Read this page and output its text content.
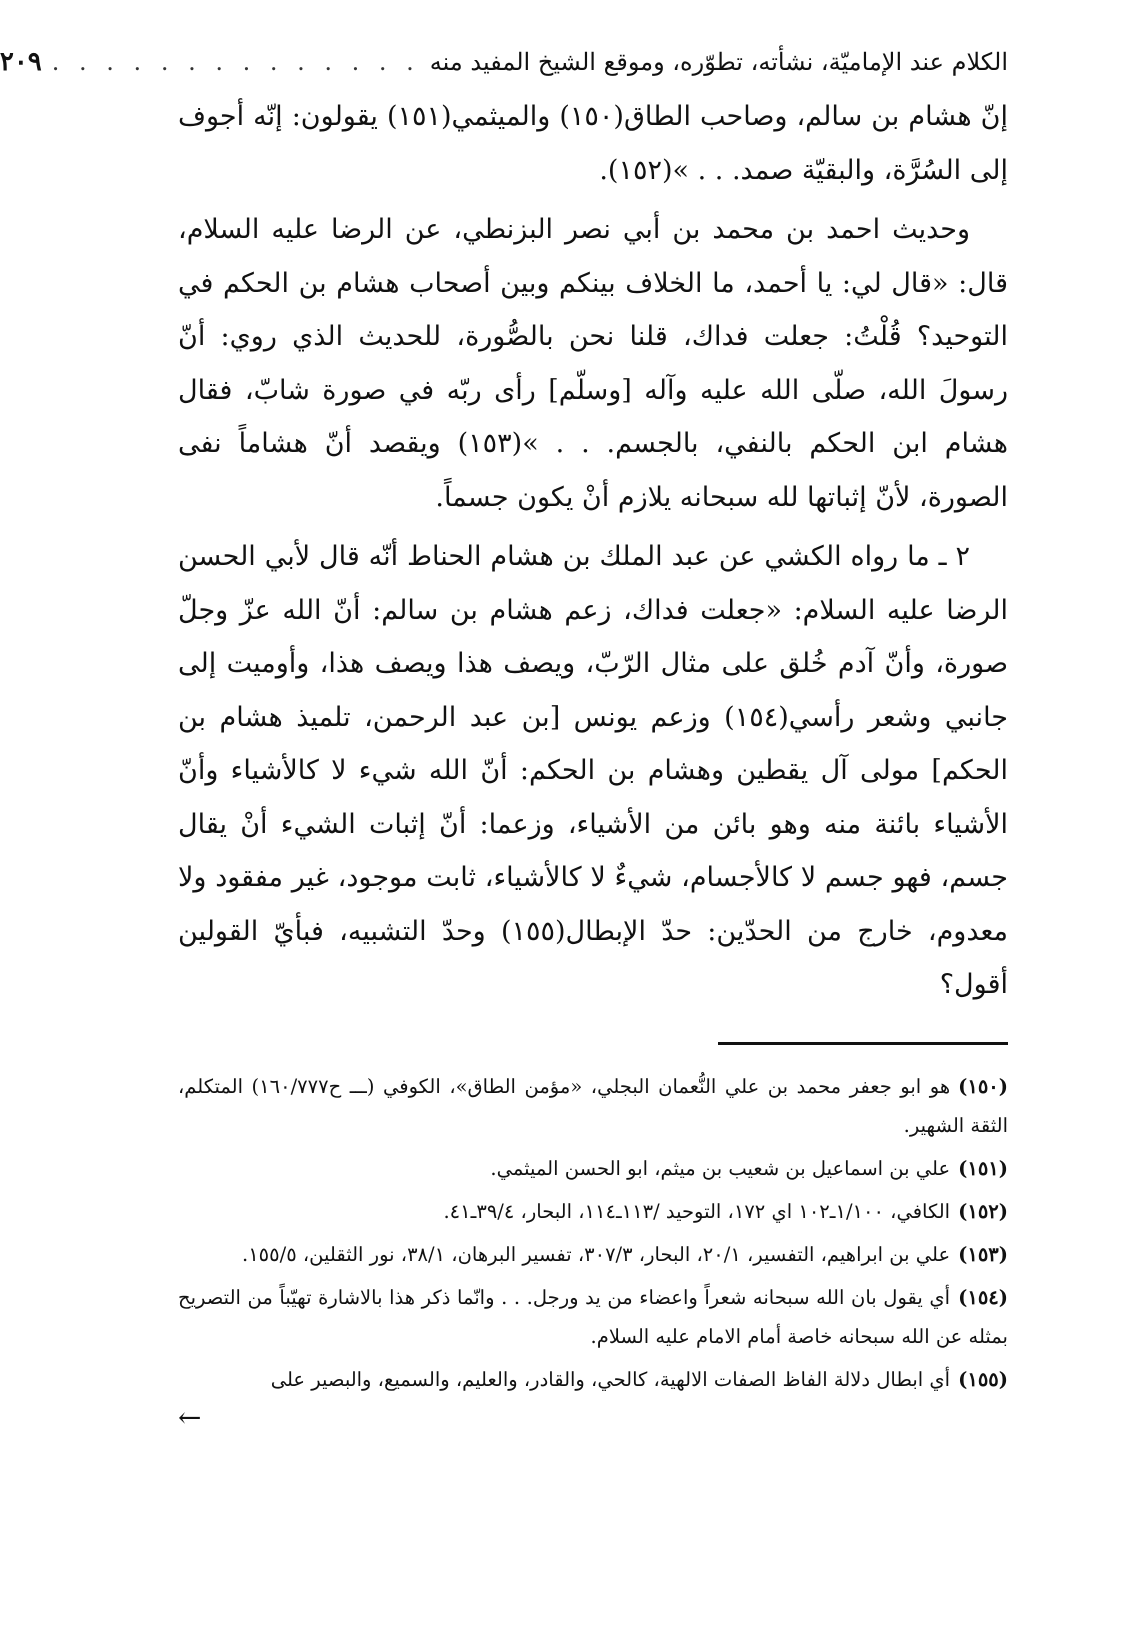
الكلام عند الإماميّة، نشأته، تطوّره، وموقع الشيخ المفيد منه
. . . . . . . . . . . . . .
٢٠٩

إنّ هشام بن سالم، وصاحب الطاق(١٥٠) والميثمي(١٥١) يقولون: إنّه أجوف إلى السُرَّة، والبقيّة صمد. . . »(١٥٢).

وحديث احمد بن محمد بن أبي نصر البزنطي، عن الرضا عليه السلام، قال: «قال لي: يا أحمد، ما الخلاف بينكم وبين أصحاب هشام بن الحكم في التوحيد؟ قُلْتُ: جعلت فداك، قلنا نحن بالصُّورة، للحديث الذي روي: أنّ رسولَ الله، صلّى الله عليه وآله [وسلّم] رأى ربّه في صورة شابّ، فقال هشام ابن الحكم بالنفي، بالجسم. . . »(١٥٣) ويقصد أنّ هشاماً نفى الصورة، لأنّ إثباتها لله سبحانه يلازم أنْ يكون جسماً.

٢ ـ ما رواه الكشي عن عبد الملك بن هشام الحناط أنّه قال لأبي الحسن الرضا عليه السلام: «جعلت فداك، زعم هشام بن سالم: أنّ الله عزّ وجلّ صورة، وأنّ آدم خُلق على مثال الرّبّ، ويصف هذا ويصف هذا، وأوميت إلى جانبي وشعر رأسي(١٥٤) وزعم يونس [بن عبد الرحمن، تلميذ هشام بن الحكم] مولى آل يقطين وهشام بن الحكم: أنّ الله شيء لا كالأشياء وأنّ الأشياء بائنة منه وهو بائن من الأشياء، وزعما: أنّ إثبات الشيء أنْ يقال جسم، فهو جسم لا كالأجسام، شيءٌ لا كالأشياء، ثابت موجود، غير مفقود ولا معدوم، خارج من الحدّين: حدّ الإبطال(١٥٥) وحدّ التشبيه، فبأيّ القولين أقول؟

(١٥٠)هو ابو جعفر محمد بن علي النُّعمان البجلي، «مؤمن الطاق»، الكوفي (ـــ ح١٦٠/٧٧٧) المتكلم، الثقة الشهير.
(١٥١)علي بن اسماعيل بن شعيب بن ميثم، ابو الحسن الميثمي.
(١٥٢)الكافي، ١/١٠٠ـ١٠٢ اي ١٧٢، التوحيد /١١٣ـ١١٤، البحار، ٣٩/٤ـ٤١.
(١٥٣)علي بن ابراهيم، التفسير، ٢٠/١، البحار، ٣٠٧/٣، تفسير البرهان، ٣٨/١، نور الثقلين، ١٥٥/٥.
(١٥٤)أي يقول بان الله سبحانه شعراً واعضاء من يد ورجل. . . وانّما ذكر هذا بالاشارة تهيّباً من التصريح بمثله عن الله سبحانه خاصة أمام الامام عليه السلام.
(١٥٥)أي ابطال دلالة الفاظ الصفات الالهية، كالحي، والقادر، والعليم، والسميع، والبصير على
←
